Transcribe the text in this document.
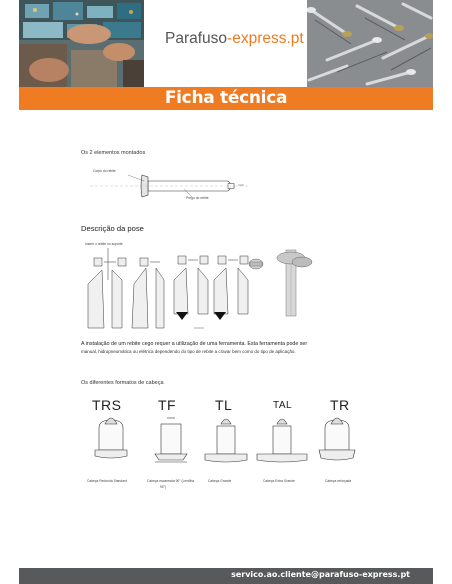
Parafuso-express.pt
Ficha técnica
Os 2 elementos montados
Corpo do rebite
Prego do rebite
Descrição da pose
Inserir o rebite no suporte
A instalação de um rebite cego requer a utilização de uma ferramenta. Esta ferramenta pode ser
manual, hidropneumática ou elétrica dependendo do tipo de rebite a cravar bem como do tipo de aplicação.
Os diferentes formatos de cabeça
TRS	TF	TL	TAL	TR
Cabeça Redonda Standard	Cabeça escareada 90° (Lentilha
90°)
Cabeça Grande	Cabeça Extra Grande	Cabeça reforçada
servico.ao.cliente@parafuso-express.pt
